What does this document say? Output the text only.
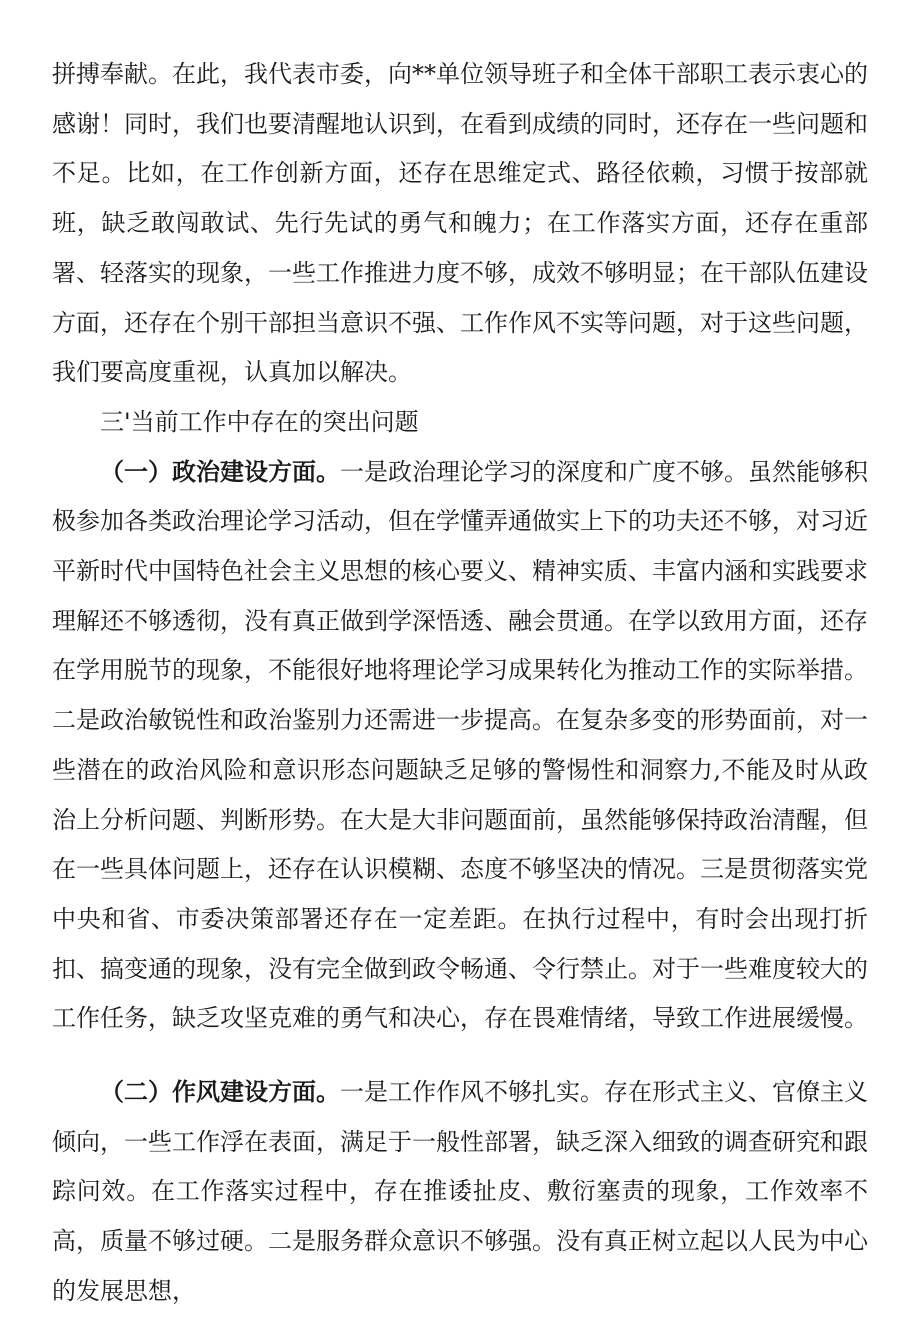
拼搏奉献。在此，我代表市委，向**单位领导班子和全体干部职工表示衷心的感谢！同时，我们也要清醒地认识到，在看到成绩的同时，还存在一些问题和不足。比如，在工作创新方面，还存在思维定式、路径依赖，习惯于按部就班，缺乏敢闯敢试、先行先试的勇气和魄力；在工作落实方面，还存在重部署、轻落实的现象，一些工作推进力度不够，成效不够明显；在干部队伍建设方面，还存在个别干部担当意识不强、工作作风不实等问题，对于这些问题，我们要高度重视，认真加以解决。

三'当前工作中存在的突出问题

（一）政治建设方面。一是政治理论学习的深度和广度不够。虽然能够积极参加各类政治理论学习活动，但在学懂弄通做实上下的功夫还不够，对习近平新时代中国特色社会主义思想的核心要义、精神实质、丰富内涵和实践要求理解还不够透彻，没有真正做到学深悟透、融会贯通。在学以致用方面，还存在学用脱节的现象，不能很好地将理论学习成果转化为推动工作的实际举措。二是政治敏锐性和政治鉴别力还需进一步提高。在复杂多变的形势面前，对一些潜在的政治风险和意识形态问题缺乏足够的警惕性和洞察力,不能及时从政治上分析问题、判断形势。在大是大非问题面前，虽然能够保持政治清醒，但在一些具体问题上，还存在认识模糊、态度不够坚决的情况。三是贯彻落实党中央和省、市委决策部署还存在一定差距。在执行过程中，有时会出现打折扣、搞变通的现象，没有完全做到政令畅通、令行禁止。对于一些难度较大的工作任务，缺乏攻坚克难的勇气和决心，存在畏难情绪，导致工作进展缓慢。

（二）作风建设方面。一是工作作风不够扎实。存在形式主义、官僚主义倾向，一些工作浮在表面，满足于一般性部署，缺乏深入细致的调查研究和跟踪问效。在工作落实过程中，存在推诿扯皮、敷衍塞责的现象，工作效率不高，质量不够过硬。二是服务群众意识不够强。没有真正树立起以人民为中心的发展思想，
